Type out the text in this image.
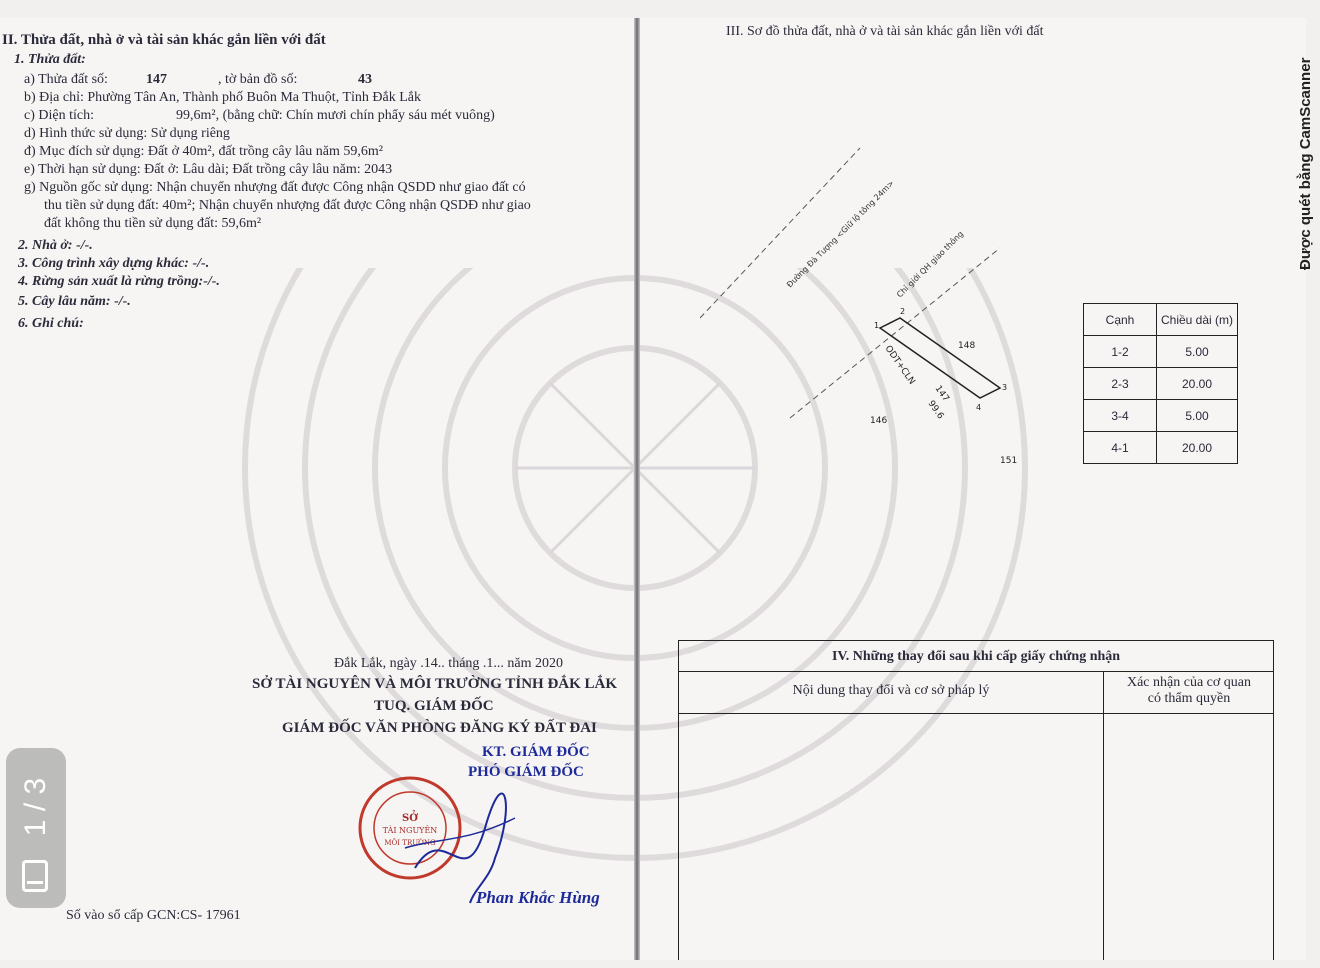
II. Thửa đất, nhà ở và tài sản khác gắn liền với đất
1. Thửa đất:
a) Thửa đất số:	147	, tờ bản đồ số:	43
b) Địa chỉ: Phường Tân An, Thành phố Buôn Ma Thuột, Tỉnh Đắk Lắk
c) Diện tích:	99,6m², (bằng chữ: Chín mươi chín phẩy sáu mét vuông)
d) Hình thức sử dụng: Sử dụng riêng
đ) Mục đích sử dụng: Đất ở 40m², đất trồng cây lâu năm 59,6m²
e) Thời hạn sử dụng: Đất ở: Lâu dài; Đất trồng cây lâu năm: 2043
g) Nguồn gốc sử dụng: Nhận chuyển nhượng đất được Công nhận QSDD như giao đất có
thu tiền sử dụng đất: 40m²; Nhận chuyển nhượng đất được Công nhận QSDĐ như giao
đất không thu tiền sử dụng đất: 59,6m²
2. Nhà ở: -/-.
3. Công trình xây dựng khác: -/-.
4. Rừng sản xuất là rừng trồng:-/-.
5. Cây lâu năm: -/-.
6. Ghi chú:
Đắk Lắk, ngày .14.. tháng .1... năm 2020
SỞ TÀI NGUYÊN VÀ MÔI TRƯỜNG TỈNH ĐẮK LẮK
TUQ. GIÁM ĐỐC
GIÁM ĐỐC VĂN PHÒNG ĐĂNG KÝ ĐẤT ĐAI
KT. GIÁM ĐỐC
PHÓ GIÁM ĐỐC
SỞ
TÀI NGUYÊN
MÔI TRƯỜNG
Phan Khắc Hùng
Số vào sổ cấp GCN:CS- 17961
III. Sơ đồ thửa đất, nhà ở và tài sản khác gắn liền với đất
Đường Đà Tượng <Giữ lộ tông 24m> Chỉ giới QH giao thông
ODT+CLN
147
99.6
148
146
151
1
2
3
4
Cạnh	Chiều dài (m)
1-2	5.00
2-3	20.00
3-4	5.00
4-1	20.00
IV. Những thay đổi sau khi cấp giấy chứng nhận
Nội dung thay đổi và cơ sở pháp lý
Xác nhận của cơ quan
có thẩm quyền
Được quét bằng CamScanner
1 / 3
